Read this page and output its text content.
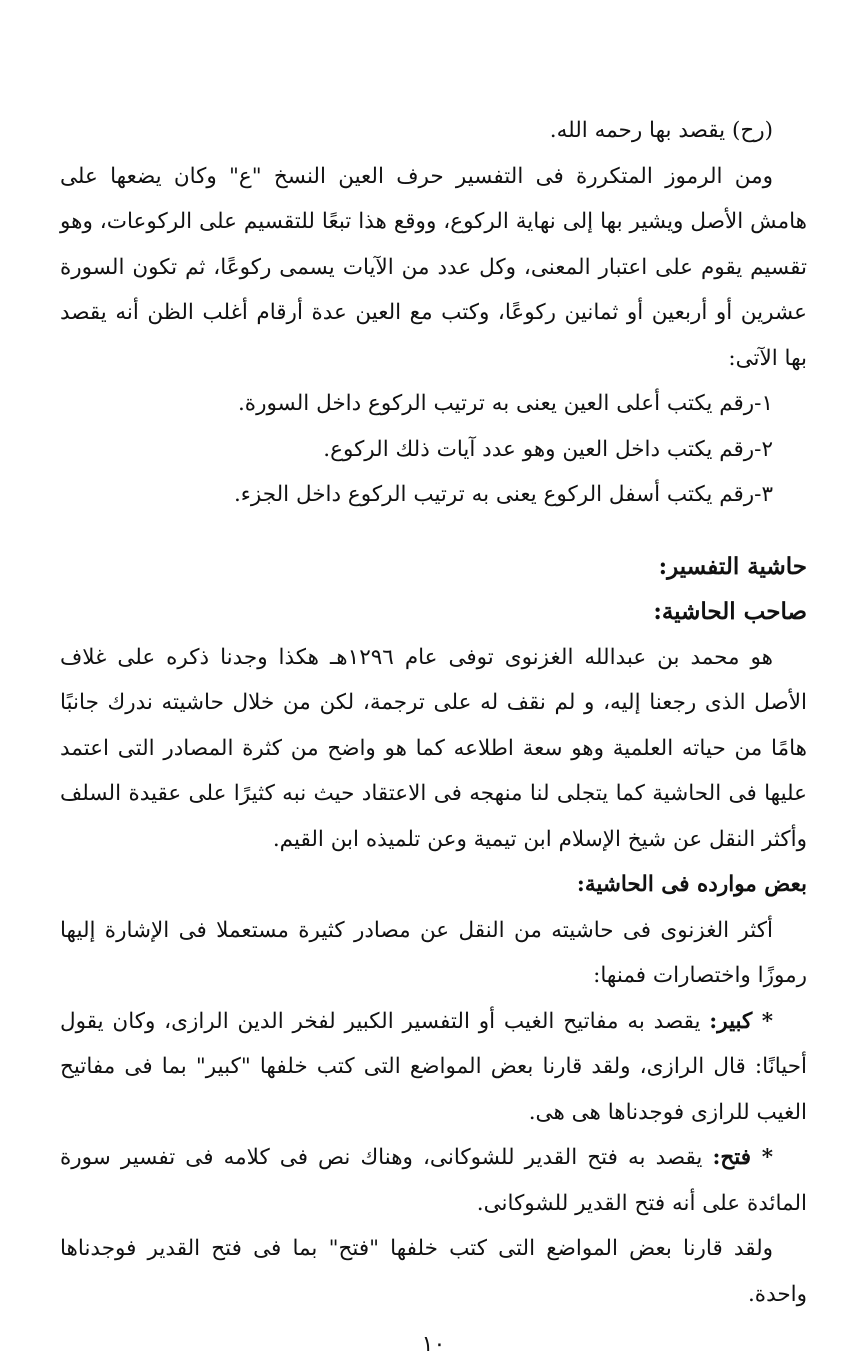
(رح) يقصد بها رحمه الله.

ومن الرموز المتكررة فى التفسير حرف العين النسخ "ع" وكان يضعها على هامش الأصل ويشير بها إلى نهاية الركوع، ووقع هذا تبعًا للتقسيم على الركوعات، وهو تقسيم يقوم على اعتبار المعنى، وكل عدد من الآيات يسمى ركوعًا، ثم تكون السورة عشرين أو أربعين أو ثمانين ركوعًا، وكتب مع العين عدة أرقام أغلب الظن أنه يقصد بها الآتى:

١-رقم يكتب أعلى العين يعنى به ترتيب الركوع داخل السورة.

٢-رقم يكتب داخل العين وهو عدد آيات ذلك الركوع.

٣-رقم يكتب أسفل الركوع يعنى به ترتيب الركوع داخل الجزء.

حاشية التفسير:

صاحب الحاشية:

هو محمد بن عبدالله الغزنوى توفى عام ١٢٩٦هـ هكذا وجدنا ذكره على غلاف الأصل الذى رجعنا إليه، و لم نقف له على ترجمة، لكن من خلال حاشيته ندرك جانبًا هامًا من حياته العلمية وهو سعة اطلاعه كما هو واضح من كثرة المصادر التى اعتمد عليها فى الحاشية كما يتجلى لنا منهجه فى الاعتقاد حيث نبه كثيرًا على عقيدة السلف وأكثر النقل عن شيخ الإسلام ابن تيمية وعن تلميذه ابن القيم.

بعض موارده فى الحاشية:

أكثر الغزنوى فى حاشيته من النقل عن مصادر كثيرة مستعملا فى الإشارة إليها رموزًا واختصارات فمنها:

* كبير: يقصد به مفاتيح الغيب أو التفسير الكبير لفخر الدين الرازى، وكان يقول أحيانًا: قال الرازى، ولقد قارنا بعض المواضع التى كتب خلفها "كبير" بما فى مفاتيح الغيب للرازى فوجدناها هى هى.

* فتح: يقصد به فتح القدير للشوكانى، وهناك نص فى كلامه فى تفسير سورة المائدة على أنه فتح القدير للشوكانى.

ولقد قارنا بعض المواضع التى كتب خلفها "فتح" بما فى فتح القدير فوجدناها واحدة.

١٠
